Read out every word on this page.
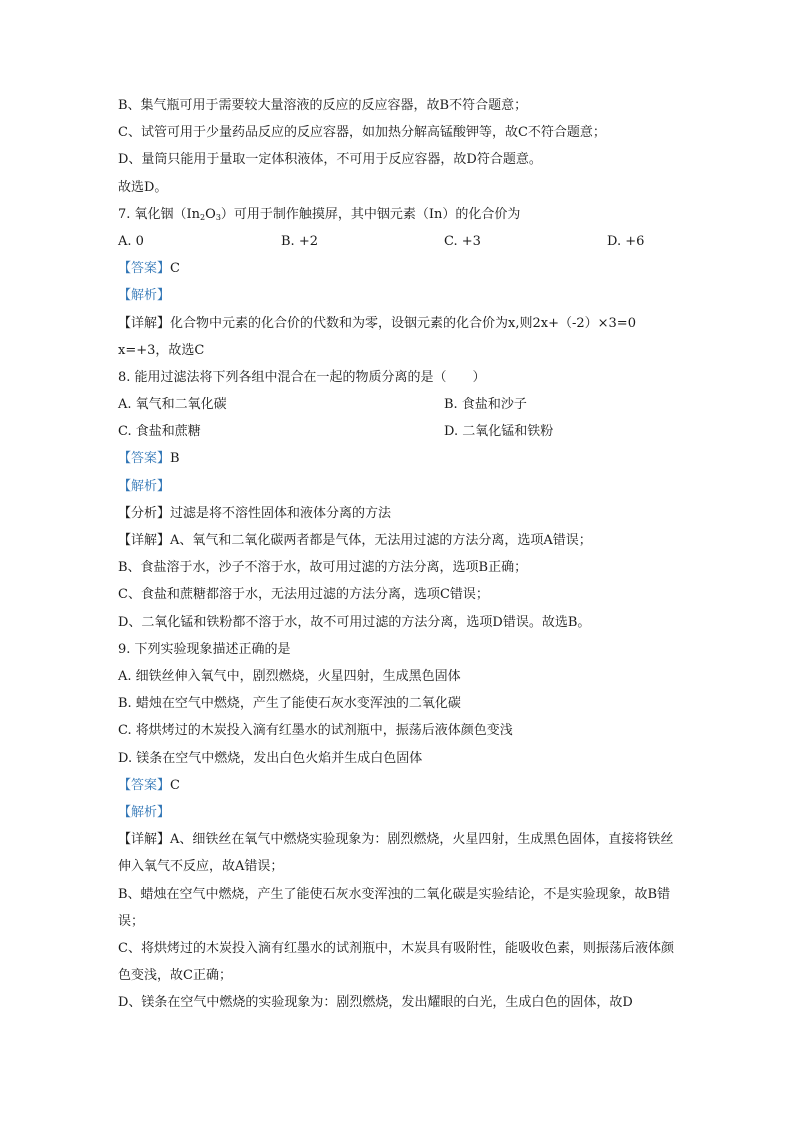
B、集气瓶可用于需要较大量溶液的反应的反应容器，故B不符合题意；
C、试管可用于少量药品反应的反应容器，如加热分解高锰酸钾等，故C不符合题意；
D、量筒只能用于量取一定体积液体，不可用于反应容器，故D符合题意。
故选D。
7. 氧化铟$(In_2O_3)$可用于制作触摸屏，其中铟元素（In）的化合价为
A. 0	B. +2	C. +3	D. +6
【答案】C
【解析】
【详解】化合物中元素的化合价的代数和为零，设铟元素的化合价为x,则2x+（-2）×3=0 x=+3，故选C
8. 能用过滤法将下列各组中混合在一起的物质分离的是（　　）
A. 氧气和二氧化碳	B. 食盐和沙子
C. 食盐和蔗糖	D. 二氧化锰和铁粉
【答案】B
【解析】
【分析】过滤是将不溶性固体和液体分离的方法
【详解】A、氧气和二氧化碳两者都是气体，无法用过滤的方法分离，选项A错误；
B、食盐溶于水，沙子不溶于水，故可用过滤的方法分离，选项B正确；
C、食盐和蔗糖都溶于水，无法用过滤的方法分离，选项C错误；
D、二氧化锰和铁粉都不溶于水，故不可用过滤的方法分离，选项D错误。故选B。
9. 下列实验现象描述正确的是
A. 细铁丝伸入氧气中，剧烈燃烧，火星四射，生成黑色固体
B. 蜡烛在空气中燃烧，产生了能使石灰水变浑浊的二氧化碳
C. 将烘烤过的木炭投入滴有红墨水的试剂瓶中，振荡后液体颜色变浅
D. 镁条在空气中燃烧，发出白色火焰并生成白色固体
【答案】C
【解析】
【详解】A、细铁丝在氧气中燃烧实验现象为：剧烈燃烧，火星四射，生成黑色固体，直接将铁丝伸入氧气不反应，故A错误；
B、蜡烛在空气中燃烧，产生了能使石灰水变浑浊的二氧化碳是实验结论，不是实验现象，故B错误；
C、将烘烤过的木炭投入滴有红墨水的试剂瓶中，木炭具有吸附性，能吸收色素，则振荡后液体颜色变浅，故C正确；
D、镁条在空气中燃烧的实验现象为：剧烈燃烧，发出耀眼的白光，生成白色的固体，故D
